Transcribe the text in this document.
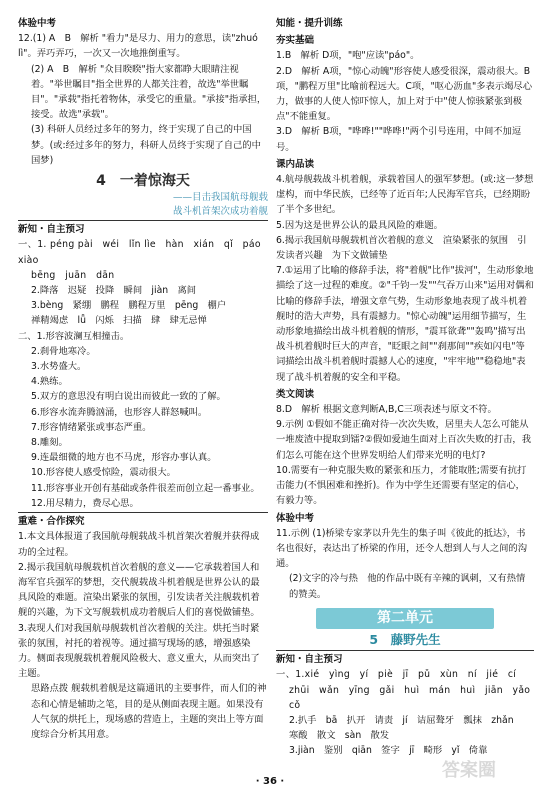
体验中考

12.(1) A　B　解析 "看力"是尽力、用力的意思，读"zhuó lì"。弄巧弄巧，一次又一次地推倒重写。

(2) A　B　解析 "众目睽睽"指大家都睁大眼睛注视着。"举世瞩目"指全世界的人都关注着，故选"举世瞩目"。"承载"指托着物体，承受它的重量。"承接"指承担，接受。故选"承载"。

(3) 科研人员经过多年的努力，终于实现了自己的中国梦。(或:经过多年的努力，科研人员终于实现了自己的中国梦)

4　一着惊海天
——目击我国航母舰载
战斗机首架次成功着舰
新知・自主预习

一、1. péng pài　wéi　lǐn lìe　hàn　xián　qǐ　páo xiào

bēng　juān　dān

2.降落　迟疑　投降　瞬间　jiàn　离间

3.bèng　紧绷　鹏程　鹏程万里　pēng　棚户

禅精竭虑　lǚ　闪烁　扫描　肆　肆无忌惮

二、1.形容波澜互相撞击。

2.刹骨地寒冷。

3.水势盛大。

4.熟练。

5.双方的意思没有明白说出而彼此一致的了解。

6.形容水流奔腾汹涌，也形容人群怒喊叫。

7.形容情绪紧张或事态严重。

8.雕刻。

9.连最细微的地方也不马虎，形容办事认真。

10.形容使人感受惊险，震动很大。

11.形容事业开创有基础或条件很差而创立起一番事业。

12.用尽精力，费尽心思。

重难・合作探究

1.本文具体报道了我国航母舰载战斗机首架次着舰并获得成功的全过程。

2.揭示我国航母舰载机首次着舰的意义——它承载着国人和海军官兵强军的梦想，交代舰载战斗机着舰是世界公认的最具风险的难题。渲染出紧张的氛围，引发读者关注舰载机着舰的兴趣，为下文写舰载机成功着舰后人们的喜悦做铺垫。

3.表现人们对我国航母舰载机首次着舰的关注。烘托当时紧张的氛围，衬托的着视等。通过描写现场的感，增强感染力。侧面表现舰载机着舰风险极大、意义重大，从而突出了主题。

思路点拨 舰载机着舰是这篇通讯的主要事件，而人们的神态和心情是辅助之笔，目的是从侧面表现主题。如果没有人气氛的烘托上，现场感的营造上，主题的突出上等方面度综合分析其用意。

知能・提升训练
夯实基础

1.B　解析 D项，"咆"应读"páo"。

2.D　解析 A项，"惊心动魄"形容使人感受很深，震动很大。B项，"鹏程万里"比喻前程远大。C项，"呕心沥血"多表示竭尽心力，做事的人使人惊吓惊人，加上对于中"使人惊骇紧张到极点"不能重复。

3.D　解析 B项，"哗哗!""哗哗!"两个引号连用，中间不加逗号。

课内品读

4.航母舰载战斗机着舰，承载着国人的强军梦想。(或:这一梦想虚构，而中华民族，已经等了近百年;人民海军官兵，已经期盼了半个多世纪。

5.因为这是世界公认的最具风险的难题。

6.揭示我国航母舰载机首次着舰的意义　渲染紧张的氛围　引发读者兴趣　为下文做铺垫

7.①运用了比喻的修辞手法，将"着舰"比作"拔河"，生动形象地描绘了这一过程的难度。②"千钧一发""气吞万山来"运用对偶和比喻的修辞手法，增强文章气势，生动形象地表现了战斗机着舰时的浩大声势，具有震撼力。"惊心动魄"运用细节描写，生动形象地描绘出战斗机着舰的情形，"震耳欲聋""轰鸣"描写出战斗机着舰时巨大的声音，"眨眼之间""刹那间""疾如闪电"等词描绘出战斗机着舰时震撼人心的速度，"牢牢地""稳稳地"表现了战斗机着舰的安全和平稳。

类文阅读

8.D　解析 根据文意判断A,B,C三项表述与原文不符。

9.示例 ①假如不能正确对待一次次失败，居里夫人怎么可能从一堆废渣中提取到镭?②假如爱迪生面对上百次失败的打击，我们怎么可能在这个世界发明给人们带来光明的电灯?

10.需要有一种克服失败的紧张和压力，才能取胜;需要有抗打击能力(不惧困难和挫折)。作为中学生还需要有坚定的信心，有毅力等。

体验中考

11.示例 (1)桥梁专家茅以升先生的集子叫《彼此的抵达》，书名也很好，表达出了桥梁的作用，还令人想到人与人之间的沟通。

(2)文字的冷与热　他的作品中既有辛辣的讽刺，又有热情的赞美。

第二单元
5　藤野先生
新知・自主预习

一、1.xié　yìng　yí　piè　jī　pǔ　xùn　ní　jié　cí

zhūi　wǎn　yīng　gǎi　huì　mán　huì　jiān　yǎo

cǒ

2.扒手　bā　扒开　请责　jí　诘屈聱牙　瓢抹　zhǎn

寒酸　散文　sàn　散发

3.jiàn　鉴别　qiān　签字　jī　畸形　yǐ　倚靠

· 36 ·
答案圈
